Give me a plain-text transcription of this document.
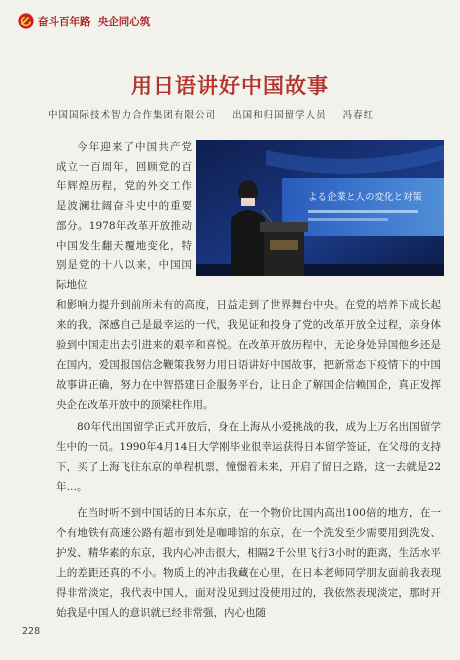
奋斗百年路  央企同心筑
用日语讲好中国故事
中国国际技术智力合作集团有限公司    出国和归国留学人员    冯春红

今年迎来了中国共产党成立一百周年，回顾党的百年辉煌历程，党的外交工作是波澜壮阔奋斗史中的重要部分。1978年改革开放推动中国发生翻天覆地变化，特别是党的十八以来，中国国际地位

よる企業と人の変化と対策

和影响力提升到前所未有的高度，日益走到了世界舞台中央。在党的培养下成长起来的我，深感自己是最幸运的一代，我见证和投身了党的改革开放全过程，亲身体验到中国走出去引进来的艰辛和喜悦。在改革开放历程中，无论身处异国他乡还是在国内，爱国报国信念鞭策我努力用日语讲好中国故事，把新常态下疫情下的中国故事讲正确，努力在中智搭建日企服务平台，让日企了解国企信赖国企，真正发挥央企在改革开放中的顶梁柱作用。

80年代出国留学正式开放后，身在上海从小爱挑战的我，成为上万名出国留学生中的一员。1990年4月14日大学刚毕业很幸运获得日本留学签证，在父母的支持下，买了上海飞往东京的单程机票，憧憬着未来，开启了留日之路，这一去就是22年…。

在当时听不到中国话的日本东京，在一个物价比国内高出100倍的地方，在一个有地铁有高速公路有超市到处是咖啡馆的东京，在一个洗发至少需要用到洗发、护发、精华素的东京，我内心冲击很大，相隔2千公里飞行3小时的距离，生活水平上的差距还真的不小。物质上的冲击我藏在心里，在日本老师同学朋友面前我表现得非常淡定，我代表中国人，面对没见到过没使用过的，我依然表现淡定，那时开始我是中国人的意识就已经非常强，内心也随

228
